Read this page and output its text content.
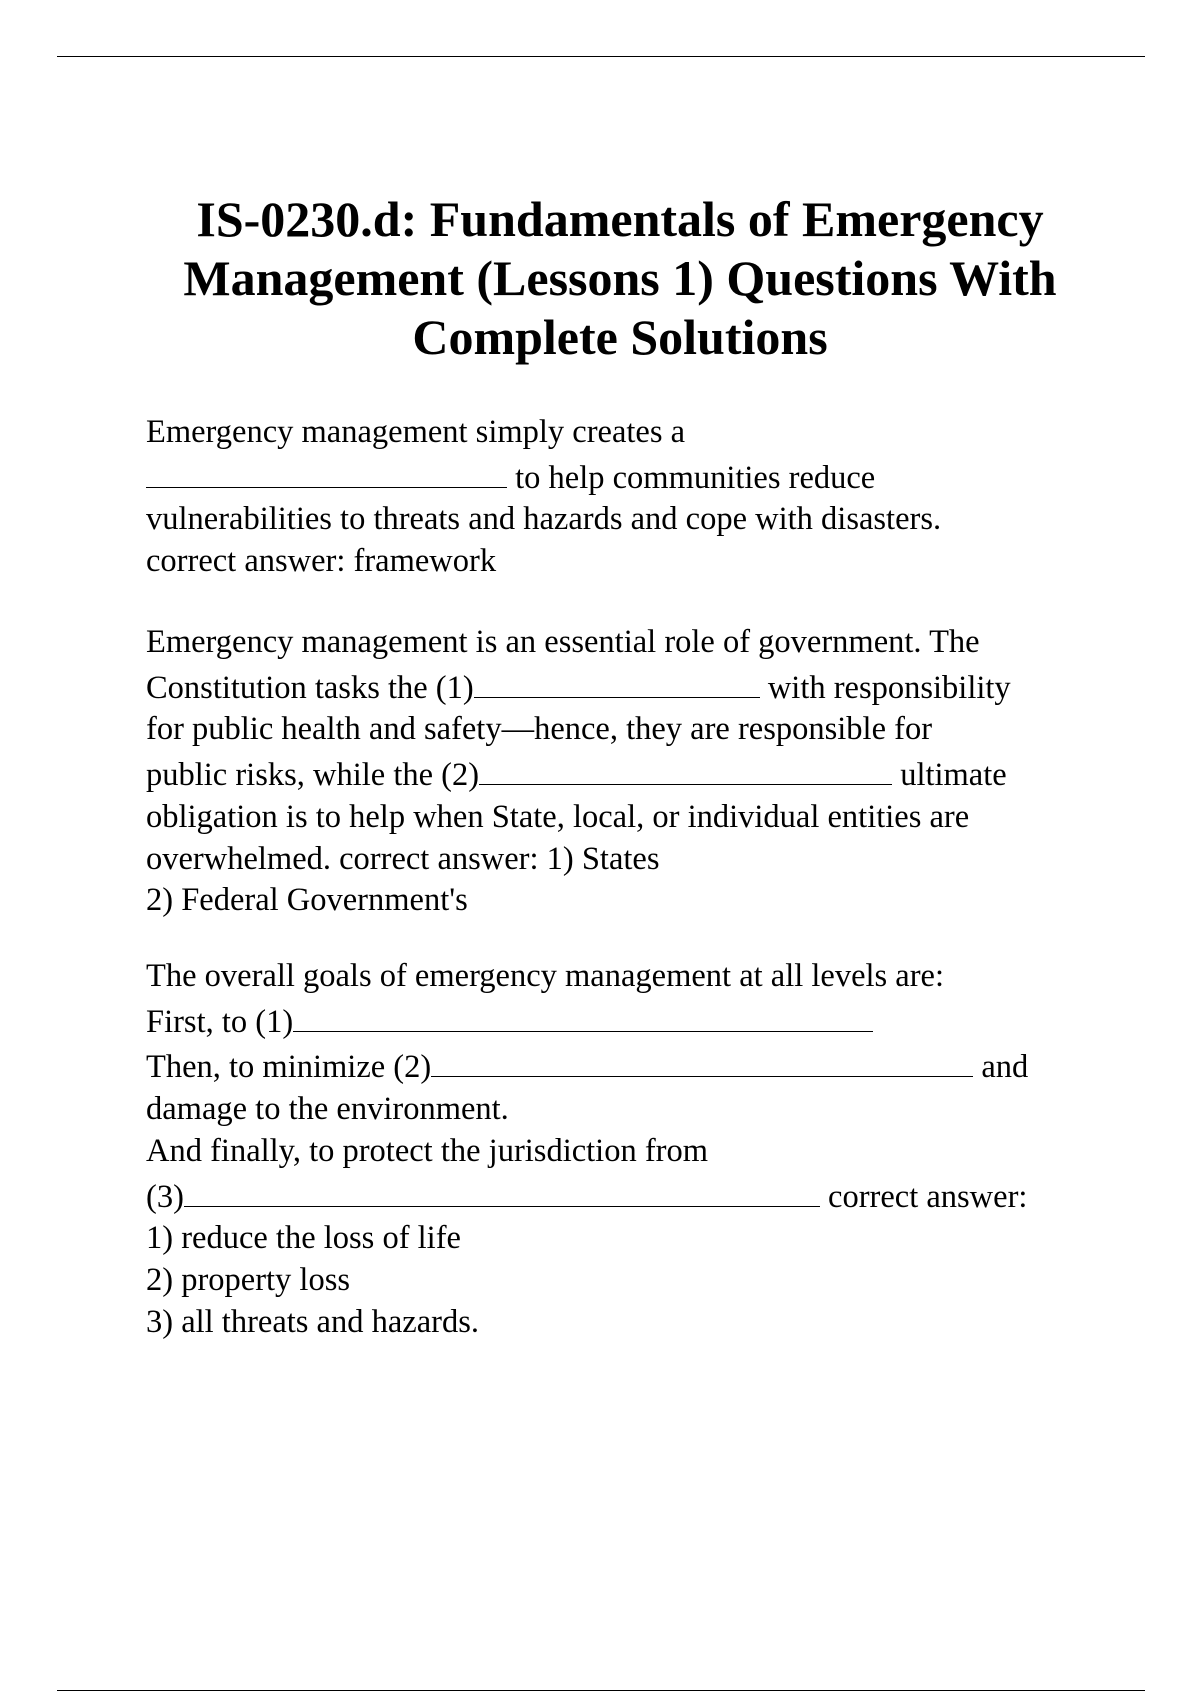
IS-0230.d: Fundamentals of Emergency
Management (Lessons 1) Questions With
Complete Solutions
Emergency management simply creates a
to help communities reduce
vulnerabilities to threats and hazards and cope with disasters.
correct answer: framework
Emergency management is an essential role of government. The
Constitution tasks the (1)	with responsibility
for public health and safety—hence, they are responsible for
public risks, while the (2)	ultimate
obligation is to help when State, local, or individual entities are
overwhelmed. correct answer: 1) States
2) Federal Government's
The overall goals of emergency management at all levels are:
First, to (1)
Then, to minimize (2)	and
damage to the environment.
And finally, to protect the jurisdiction from
(3)	correct answer:
1) reduce the loss of life
2) property loss
3) all threats and hazards.
